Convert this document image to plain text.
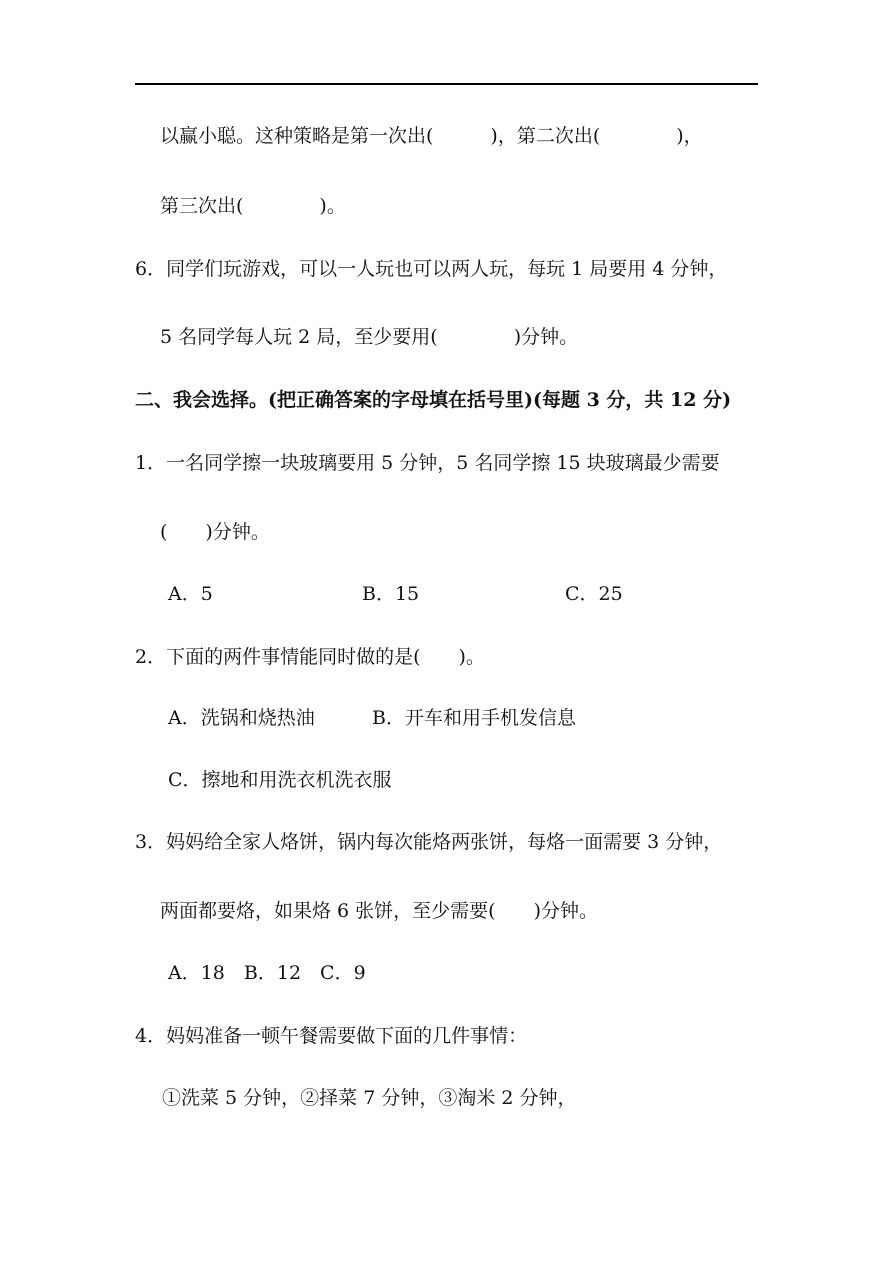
以赢小聪。这种策略是第一次出(　　　)，第二次出(　　　　)，
第三次出(　　　　)。
6．同学们玩游戏，可以一人玩也可以两人玩，每玩 1 局要用 4 分钟，
5 名同学每人玩 2 局，至少要用(　　　　)分钟。
二、我会选择。(把正确答案的字母填在括号里)(每题 3 分，共 12 分)
1．一名同学擦一块玻璃要用 5 分钟，5 名同学擦 15 块玻璃最少需要
(　　)分钟。
A．5	B．15	C．25
2．下面的两件事情能同时做的是(　　)。
A．洗锅和烧热油	B．开车和用手机发信息
C．擦地和用洗衣机洗衣服
3．妈妈给全家人烙饼，锅内每次能烙两张饼，每烙一面需要 3 分钟，
两面都要烙，如果烙 6 张饼，至少需要(　　)分钟。
A．18　B．12　C．9
4．妈妈准备一顿午餐需要做下面的几件事情：
①洗菜 5 分钟，②择菜 7 分钟，③淘米 2 分钟，
